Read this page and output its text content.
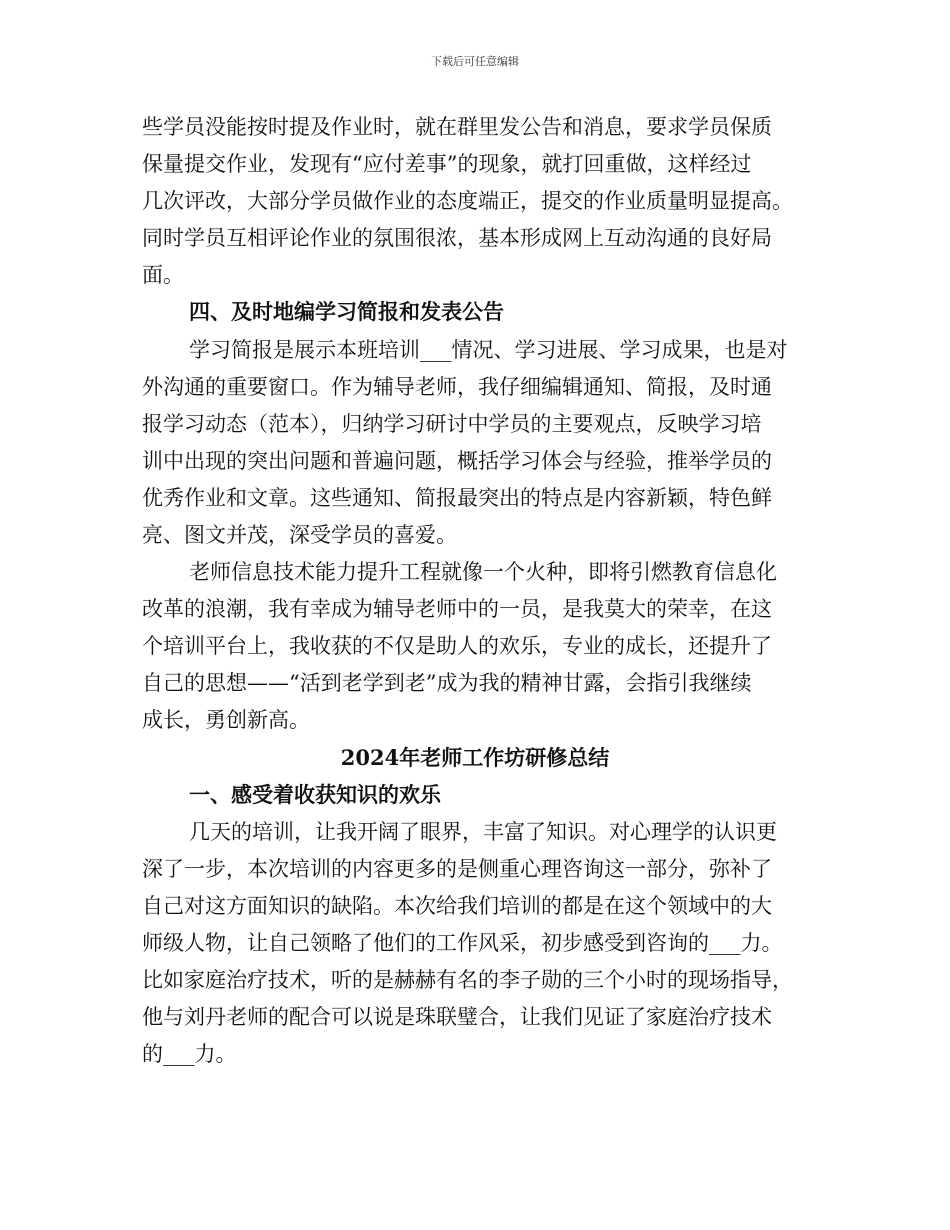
下载后可任意编辑
些学员没能按时提及作业时，就在群里发公告和消息，要求学员保质
保量提交作业，发现有“应付差事”的现象，就打回重做，这样经过
几次评改，大部分学员做作业的态度端正，提交的作业质量明显提高。
同时学员互相评论作业的氛围很浓，基本形成网上互动沟通的良好局
面。
四、及时地编学习简报和发表公告
学习简报是展示本班培训___情况、学习进展、学习成果，也是对
外沟通的重要窗口。作为辅导老师，我仔细编辑通知、简报，及时通
报学习动态（范本），归纳学习研讨中学员的主要观点，反映学习培
训中出现的突出问题和普遍问题，概括学习体会与经验，推举学员的
优秀作业和文章。这些通知、简报最突出的特点是内容新颖，特色鲜
亮、图文并茂，深受学员的喜爱。
老师信息技术能力提升工程就像一个火种，即将引燃教育信息化
改革的浪潮，我有幸成为辅导老师中的一员，是我莫大的荣幸，在这
个培训平台上，我收获的不仅是助人的欢乐，专业的成长，还提升了
自己的思想——“活到老学到老”成为我的精神甘露，会指引我继续
成长，勇创新高。
2024年老师工作坊研修总结
一、感受着收获知识的欢乐
几天的培训，让我开阔了眼界，丰富了知识。对心理学的认识更
深了一步，本次培训的内容更多的是侧重心理咨询这一部分，弥补了
自己对这方面知识的缺陷。本次给我们培训的都是在这个领域中的大
师级人物，让自己领略了他们的工作风采，初步感受到咨询的___力。
比如家庭治疗技术，听的是赫赫有名的李子勋的三个小时的现场指导，
他与刘丹老师的配合可以说是珠联璧合，让我们见证了家庭治疗技术
的___力。
